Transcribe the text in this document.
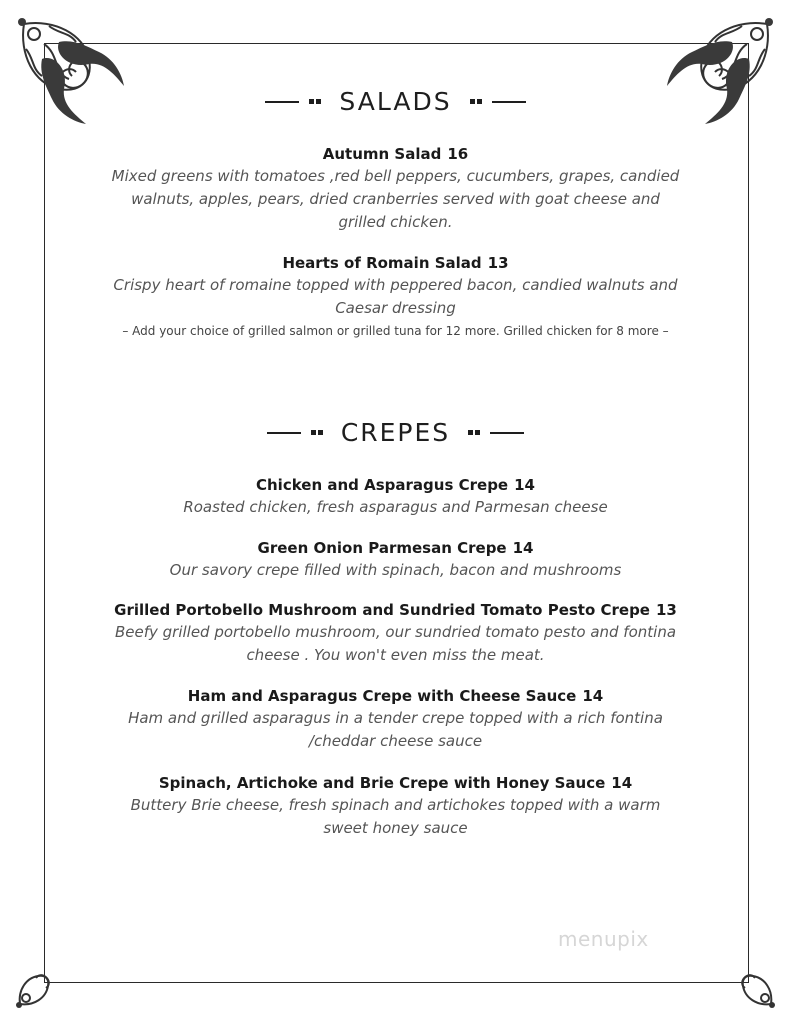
SALADS
Autumn Salad 16
Mixed greens with tomatoes ,red bell peppers, cucumbers, grapes, candied walnuts, apples, pears, dried cranberries served with goat cheese and grilled chicken.
Hearts of Romain Salad 13
Crispy heart of romaine topped with peppered bacon, candied walnuts and Caesar dressing
– Add your choice of grilled salmon or grilled tuna for 12 more. Grilled chicken for 8 more –
CREPES
Chicken and Asparagus Crepe 14
Roasted chicken, fresh asparagus and Parmesan cheese
Green Onion Parmesan Crepe 14
Our savory crepe filled with spinach, bacon and mushrooms
Grilled Portobello Mushroom and Sundried Tomato Pesto Crepe 13
Beefy grilled portobello mushroom, our sundried tomato pesto and fontina cheese . You won't even miss the meat.
Ham and Asparagus Crepe with Cheese Sauce 14
Ham and grilled asparagus in a tender crepe topped with a rich fontina /cheddar cheese sauce
Spinach, Artichoke and Brie Crepe with Honey Sauce 14
Buttery Brie cheese, fresh spinach and artichokes topped with a warm sweet honey sauce
menupix
